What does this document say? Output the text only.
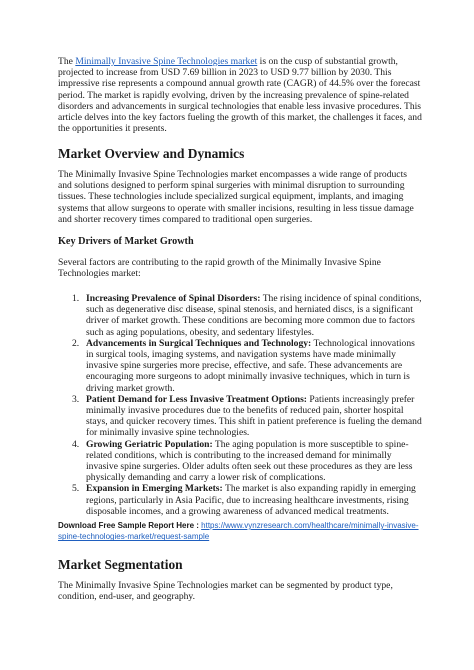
The Minimally Invasive Spine Technologies market is on the cusp of substantial growth, projected to increase from USD 7.69 billion in 2023 to USD 9.77 billion by 2030. This impressive rise represents a compound annual growth rate (CAGR) of 44.5% over the forecast period. The market is rapidly evolving, driven by the increasing prevalence of spine-related disorders and advancements in surgical technologies that enable less invasive procedures. This article delves into the key factors fueling the growth of this market, the challenges it faces, and the opportunities it presents.

Market Overview and Dynamics

The Minimally Invasive Spine Technologies market encompasses a wide range of products and solutions designed to perform spinal surgeries with minimal disruption to surrounding tissues. These technologies include specialized surgical equipment, implants, and imaging systems that allow surgeons to operate with smaller incisions, resulting in less tissue damage and shorter recovery times compared to traditional open surgeries.

Key Drivers of Market Growth

Several factors are contributing to the rapid growth of the Minimally Invasive Spine Technologies market:

1. Increasing Prevalence of Spinal Disorders: The rising incidence of spinal conditions, such as degenerative disc disease, spinal stenosis, and herniated discs, is a significant driver of market growth. These conditions are becoming more common due to factors such as aging populations, obesity, and sedentary lifestyles.
2. Advancements in Surgical Techniques and Technology: Technological innovations in surgical tools, imaging systems, and navigation systems have made minimally invasive spine surgeries more precise, effective, and safe. These advancements are encouraging more surgeons to adopt minimally invasive techniques, which in turn is driving market growth.
3. Patient Demand for Less Invasive Treatment Options: Patients increasingly prefer minimally invasive procedures due to the benefits of reduced pain, shorter hospital stays, and quicker recovery times. This shift in patient preference is fueling the demand for minimally invasive spine technologies.
4. Growing Geriatric Population: The aging population is more susceptible to spine-related conditions, which is contributing to the increased demand for minimally invasive spine surgeries. Older adults often seek out these procedures as they are less physically demanding and carry a lower risk of complications.
5. Expansion in Emerging Markets: The market is also expanding rapidly in emerging regions, particularly in Asia Pacific, due to increasing healthcare investments, rising disposable incomes, and a growing awareness of advanced medical treatments.

Download Free Sample Report Here : https://www.vynzresearch.com/healthcare/minimally-invasive-spine-technologies-market/request-sample

Market Segmentation

The Minimally Invasive Spine Technologies market can be segmented by product type, condition, end-user, and geography.
